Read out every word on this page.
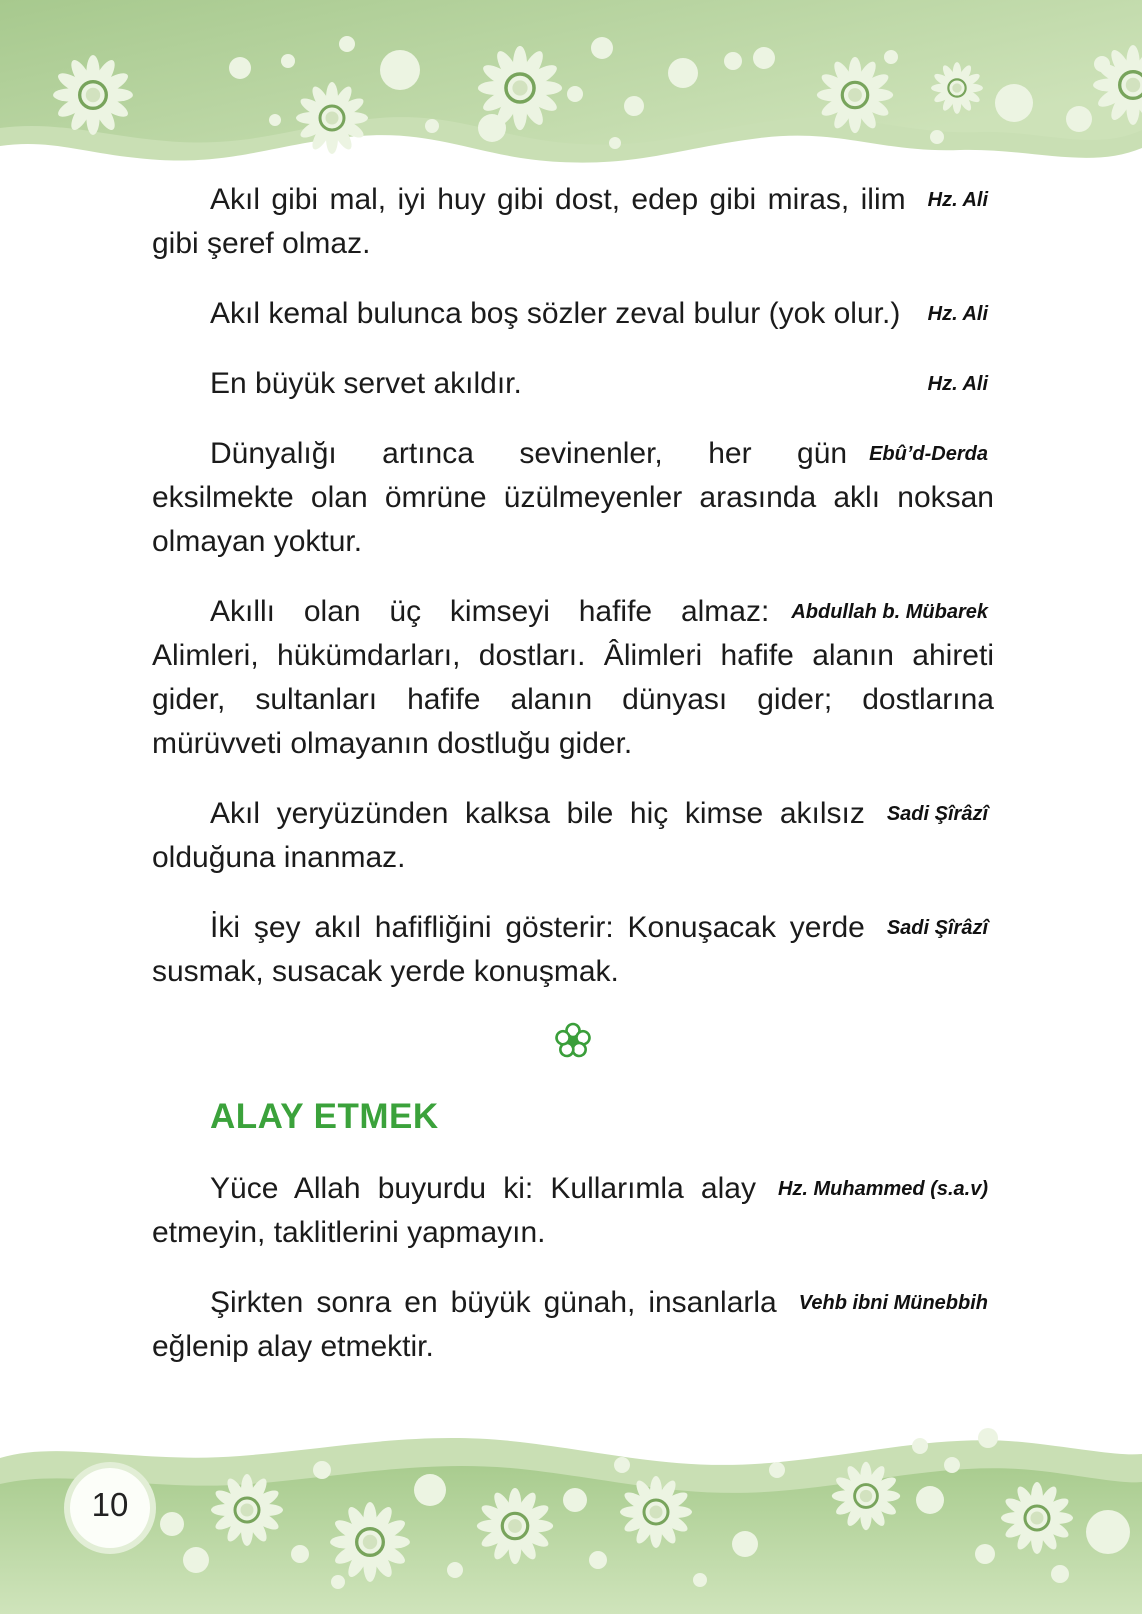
Hz. Ali
Akıl gibi mal, iyi huy gibi dost, edep gibi miras, ilim gibi şeref olmaz.

Hz. Ali
Akıl kemal bulunca boş sözler zeval bulur (yok olur.)

Hz. Ali
En büyük servet akıldır.

Ebû’d-Derda
Dünyalığı artınca sevinenler, her gün eksilmekte olan ömrüne üzülmeyenler arasında aklı noksan olmayan yoktur.

Abdullah b. Mübarek
Akıllı olan üç kimseyi hafife almaz: Alimleri, hükümdarları, dostları. Âlimleri hafife alanın ahireti gider, sultanları hafife alanın dünyası gider; dostlarına mürüvveti olmayanın dostluğu gider.

Sadi Şîrâzî
Akıl yeryüzünden kalksa bile hiç kimse akılsız olduğuna inanmaz.

Sadi Şîrâzî
İki şey akıl hafifliğini gösterir: Konuşacak yerde susmak, susacak yerde konuşmak.

ALAY ETMEK

Hz. Muhammed (s.a.v)
Yüce Allah buyurdu ki: Kullarımla alay etmeyin, taklitlerini yapmayın.

Vehb ibni Münebbih
Şirkten sonra en büyük günah, insanlarla eğlenip alay etmektir.

10
